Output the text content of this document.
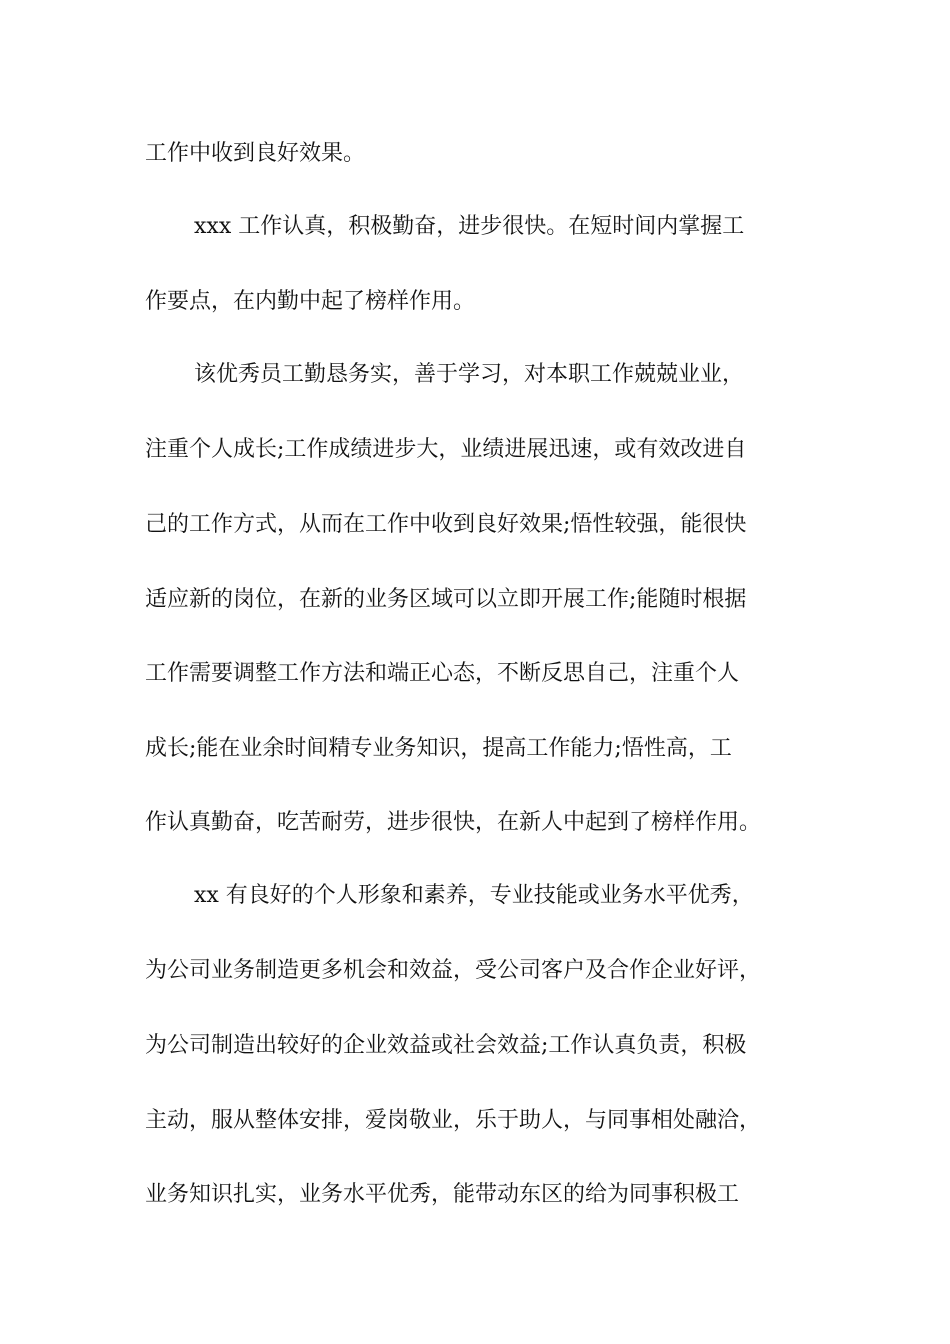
工作中收到良好效果。

xxx 工作认真，积极勤奋，进步很快。在短时间内掌握工

作要点，在内勤中起了榜样作用。

该优秀员工勤恳务实，善于学习，对本职工作兢兢业业，

注重个人成长;工作成绩进步大，业绩进展迅速，或有效改进自

己的工作方式，从而在工作中收到良好效果;悟性较强，能很快

适应新的岗位，在新的业务区域可以立即开展工作;能随时根据

工作需要调整工作方法和端正心态，不断反思自己，注重个人

成长;能在业余时间精专业务知识，提高工作能力;悟性高，工

作认真勤奋，吃苦耐劳，进步很快，在新人中起到了榜样作用。

xx 有良好的个人形象和素养，专业技能或业务水平优秀，

为公司业务制造更多机会和效益，受公司客户及合作企业好评，

为公司制造出较好的企业效益或社会效益;工作认真负责，积极

主动，服从整体安排，爱岗敬业，乐于助人，与同事相处融洽，

业务知识扎实，业务水平优秀，能带动东区的给为同事积极工
